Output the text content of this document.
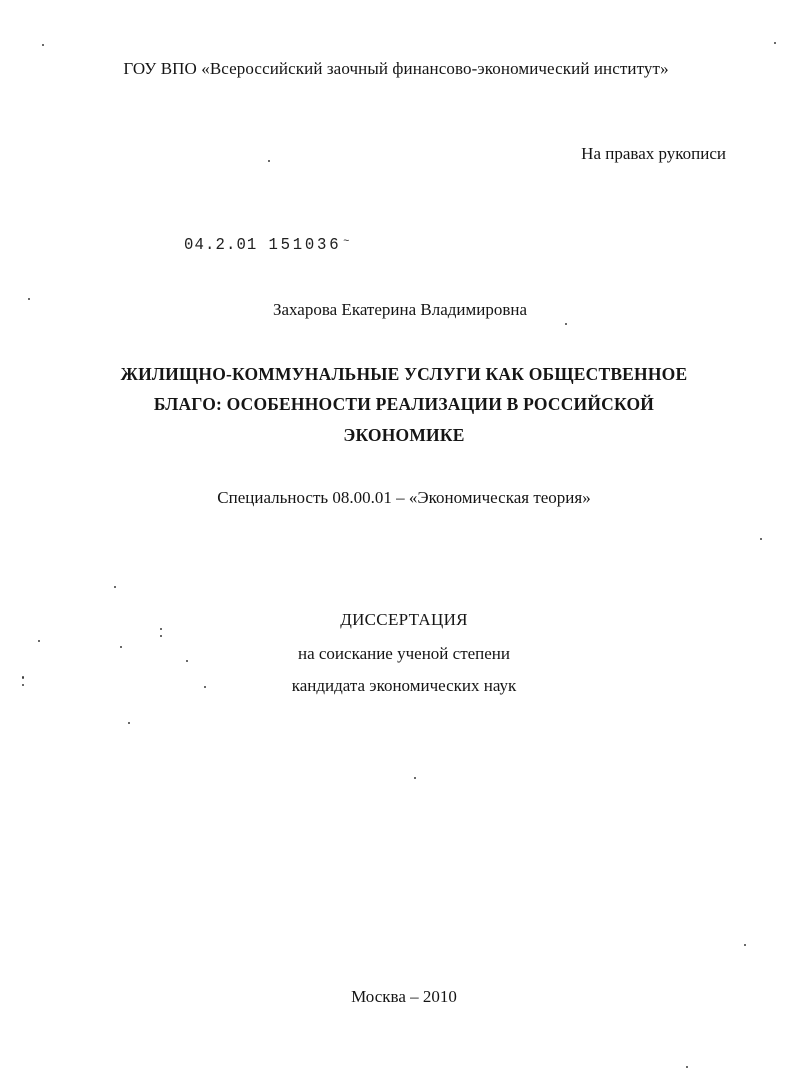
ГОУ ВПО «Всероссийский заочный финансово-экономический институт»
На правах рукописи
04.2.01 151036 ~
Захарова Екатерина Владимировна
ЖИЛИЩНО-КОММУНАЛЬНЫЕ УСЛУГИ КАК ОБЩЕСТВЕННОЕ
БЛАГО: ОСОБЕННОСТИ РЕАЛИЗАЦИИ В РОССИЙСКОЙ
ЭКОНОМИКЕ
Специальность 08.00.01 – «Экономическая теория»
ДИССЕРТАЦИЯ
на соискание ученой степени
кандидата экономических наук
Москва – 2010
